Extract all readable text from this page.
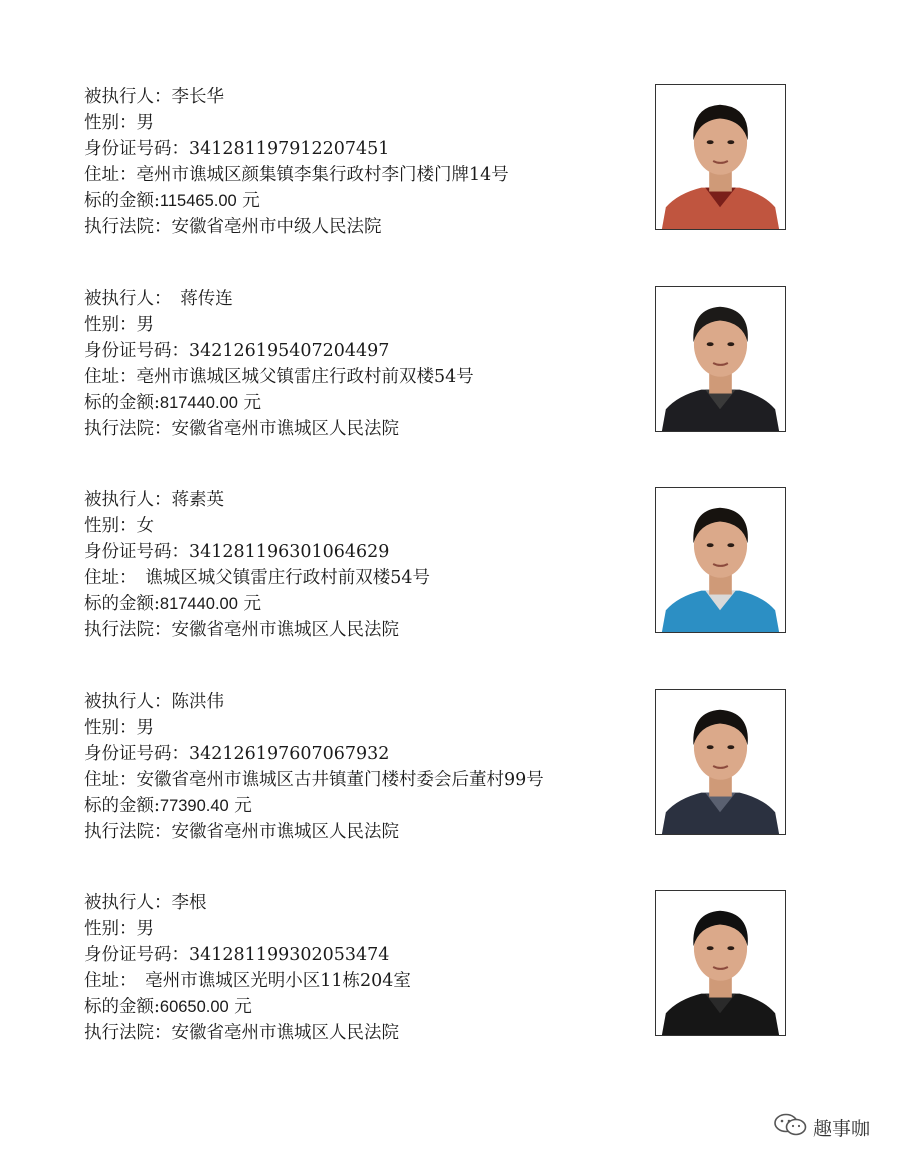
被执行人：李长华
性别：男
身份证号码：341281197912207451
住址：亳州市谯城区颜集镇李集行政村李门楼门牌14号
标的金额:115465.00 元
执行法院：安徽省亳州市中级人民法院
被执行人：　蒋传连
性别：男
身份证号码：342126195407204497
住址：亳州市谯城区城父镇雷庄行政村前双楼54号
标的金额:817440.00 元
执行法院：安徽省亳州市谯城区人民法院
被执行人：蒋素英
性别：女
身份证号码：341281196301064629
住址：　谯城区城父镇雷庄行政村前双楼54号
标的金额:817440.00 元
执行法院：安徽省亳州市谯城区人民法院
被执行人：陈洪伟
性别：男
身份证号码：342126197607067932
住址：安徽省亳州市谯城区古井镇董门楼村委会后董村99号
标的金额:77390.40 元
执行法院：安徽省亳州市谯城区人民法院
被执行人：李根
性别：男
身份证号码：341281199302053474
住址：　亳州市谯城区光明小区11栋204室
标的金额:60650.00 元
执行法院：安徽省亳州市谯城区人民法院
趣事咖
